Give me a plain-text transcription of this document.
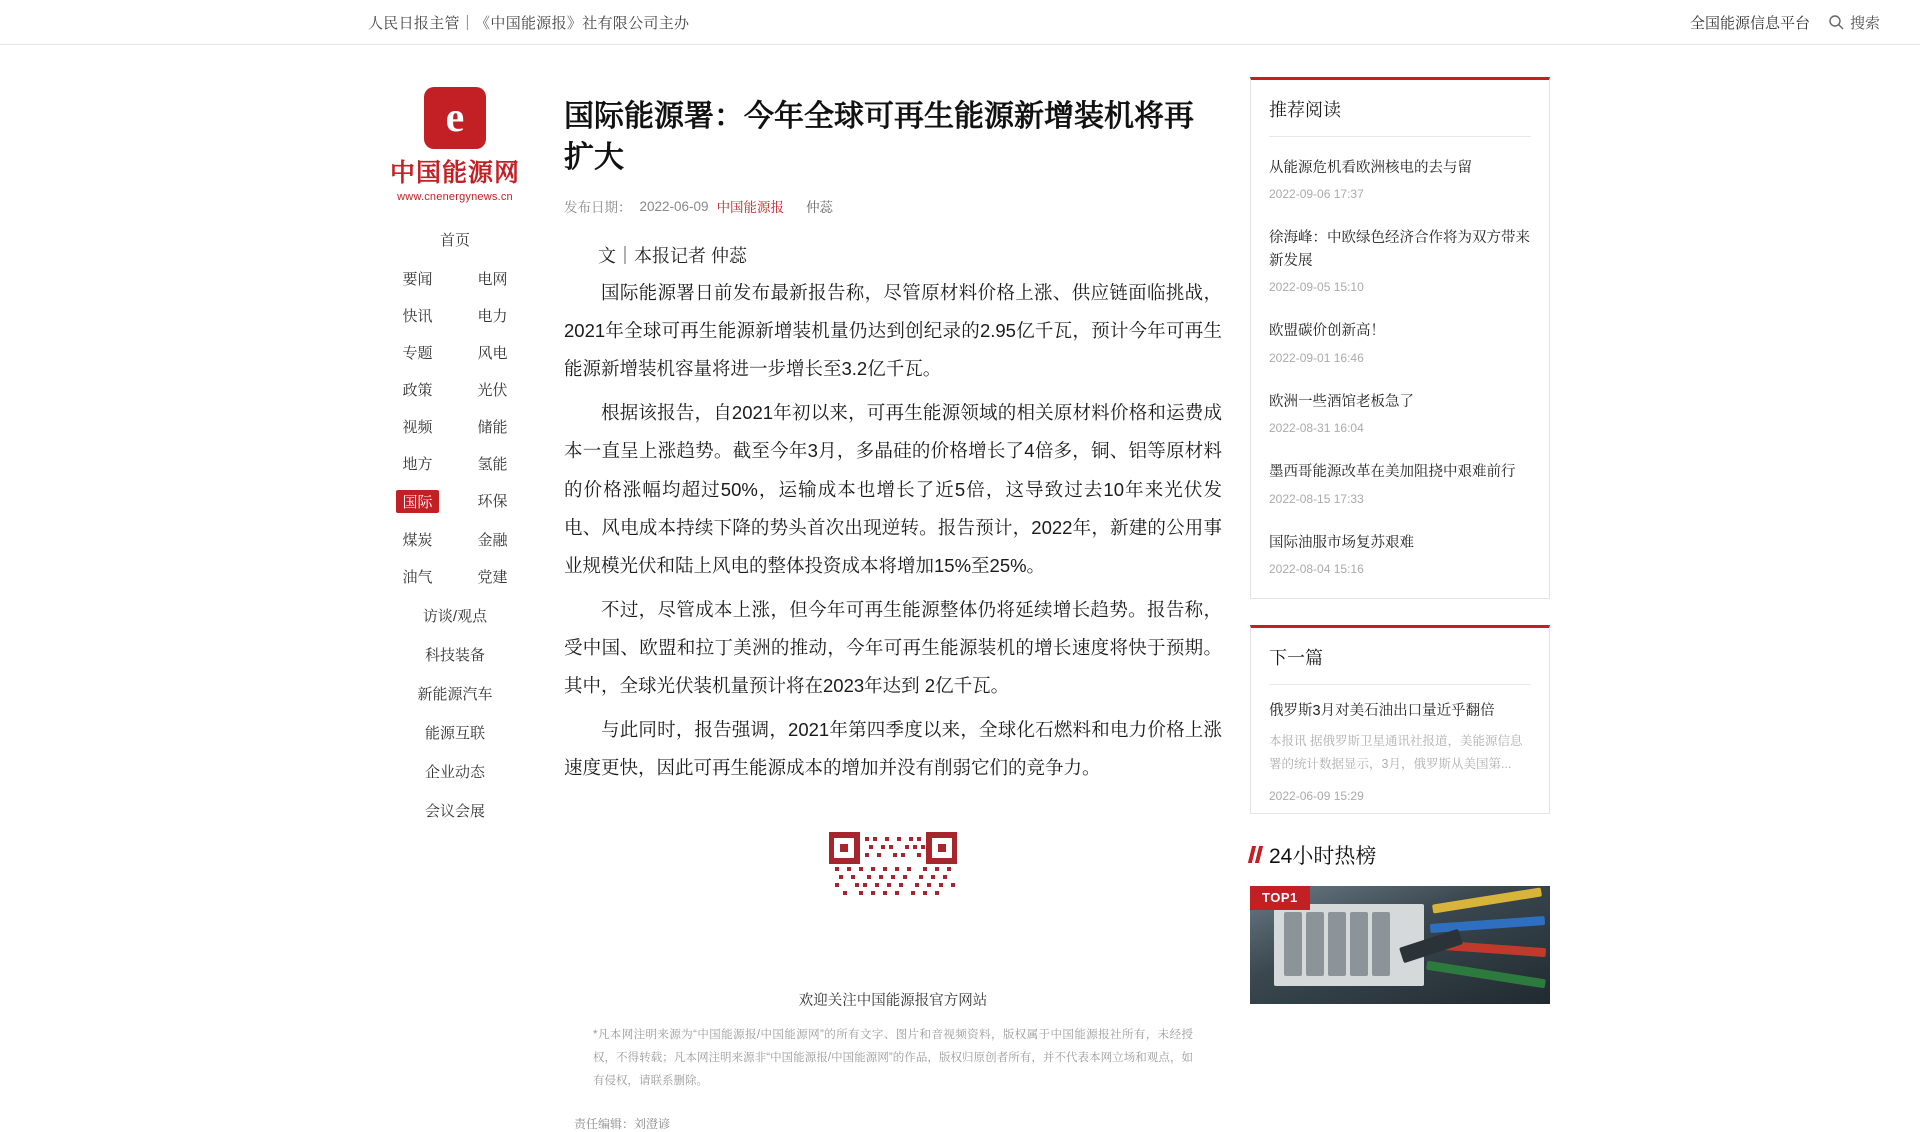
人民日报主管｜《中国能源报》社有限公司主办	全国能源信息平台	搜索
e
中国能源网
www.cnenergynews.cn
首页
要闻	电网
快讯	电力
专题	风电
政策	光伏
视频	储能
地方	氢能
国际	环保
煤炭	金融
油气	党建
访谈/观点
科技装备
新能源汽车
能源互联
企业动态
会议会展
国际能源署：今年全球可再生能源新增装机将再扩大
发布日期： 2022-06-09 中国能源报 仲蕊
文｜本报记者 仲蕊

国际能源署日前发布最新报告称，尽管原材料价格上涨、供应链面临挑战，2021年全球可再生能源新增装机量仍达到创纪录的2.95亿千瓦，预计今年可再生能源新增装机容量将进一步增长至3.2亿千瓦。

根据该报告，自2021年初以来，可再生能源领域的相关原材料价格和运费成本一直呈上涨趋势。截至今年3月，多晶硅的价格增长了4倍多，铜、铝等原材料的价格涨幅均超过50%，运输成本也增长了近5倍，这导致过去10年来光伏发电、风电成本持续下降的势头首次出现逆转。报告预计，2022年，新建的公用事业规模光伏和陆上风电的整体投资成本将增加15%至25%。

不过，尽管成本上涨，但今年可再生能源整体仍将延续增长趋势。报告称，受中国、欧盟和拉丁美洲的推动，今年可再生能源装机的增长速度将快于预期。其中，全球光伏装机量预计将在2023年达到 2亿千瓦。

与此同时，报告强调，2021年第四季度以来，全球化石燃料和电力价格上涨速度更快，因此可再生能源成本的增加并没有削弱它们的竞争力。

欢迎关注中国能源报官方网站
*凡本网注明来源为“中国能源报/中国能源网”的所有文字、图片和音视频资料，版权属于中国能源报社所有，未经授权，不得转载；凡本网注明来源非“中国能源报/中国能源网”的作品，版权归原创者所有，并不代表本网立场和观点，如有侵权，请联系删除。
责任编辑：刘澄谚
推荐阅读
从能源危机看欧洲核电的去与留
2022-09-06 17:37
徐海峰：中欧绿色经济合作将为双方带来新发展
2022-09-05 15:10
欧盟碳价创新高！
2022-09-01 16:46
欧洲一些酒馆老板急了
2022-08-31 16:04
墨西哥能源改革在美加阻挠中艰难前行
2022-08-15 17:33
国际油服市场复苏艰难
2022-08-04 15:16
下一篇
俄罗斯3月对美石油出口量近乎翻倍
本报讯 据俄罗斯卫星通讯社报道，美能源信息署的统计数据显示，3月，俄罗斯从美国第...
2022-06-09 15:29
24小时热榜
TOP1
